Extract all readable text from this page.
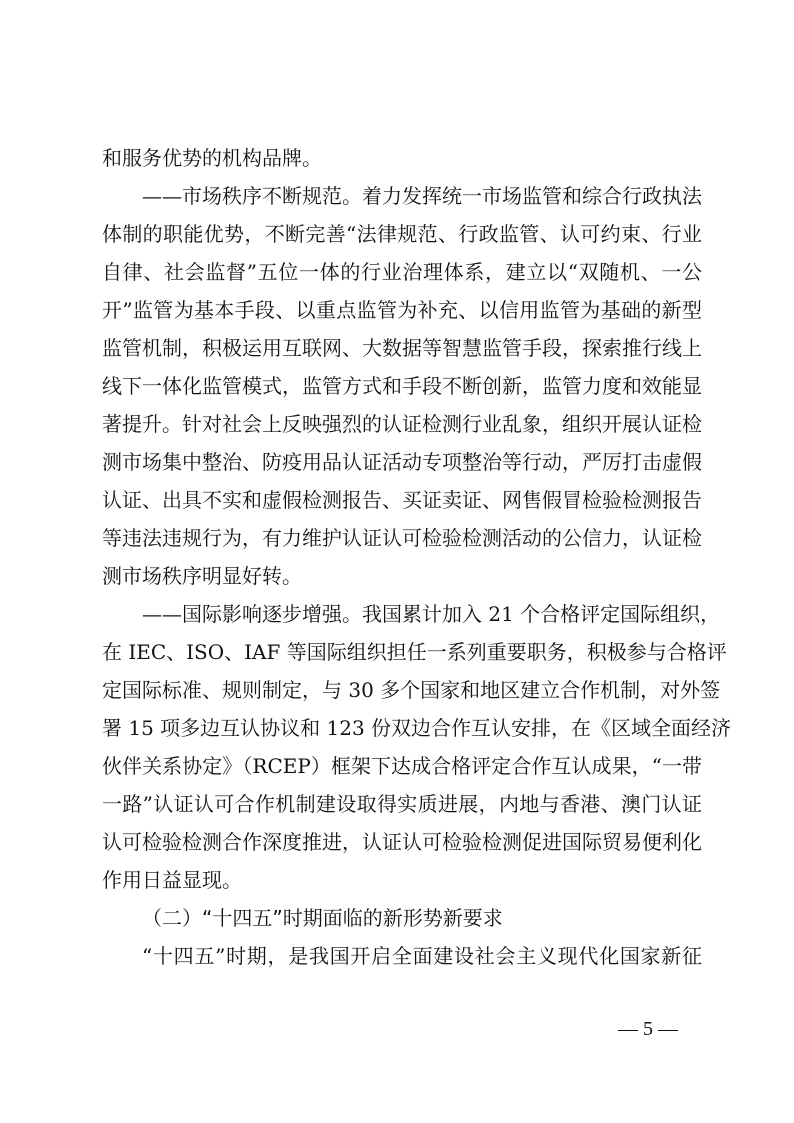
和服务优势的机构品牌。
——市场秩序不断规范。着力发挥统一市场监管和综合行政执法
体制的职能优势，不断完善“法律规范、行政监管、认可约束、行业
自律、社会监督”五位一体的行业治理体系，建立以“双随机、一公
开”监管为基本手段、以重点监管为补充、以信用监管为基础的新型
监管机制，积极运用互联网、大数据等智慧监管手段，探索推行线上
线下一体化监管模式，监管方式和手段不断创新，监管力度和效能显
著提升。针对社会上反映强烈的认证检测行业乱象，组织开展认证检
测市场集中整治、防疫用品认证活动专项整治等行动，严厉打击虚假
认证、出具不实和虚假检测报告、买证卖证、网售假冒检验检测报告
等违法违规行为，有力维护认证认可检验检测活动的公信力，认证检
测市场秩序明显好转。
——国际影响逐步增强。我国累计加入 21 个合格评定国际组织，
在 IEC、ISO、IAF 等国际组织担任一系列重要职务，积极参与合格评
定国际标准、规则制定，与 30 多个国家和地区建立合作机制，对外签
署 15 项多边互认协议和 123 份双边合作互认安排，在《区域全面经济
伙伴关系协定》（RCEP）框架下达成合格评定合作互认成果，“一带
一路”认证认可合作机制建设取得实质进展，内地与香港、澳门认证
认可检验检测合作深度推进，认证认可检验检测促进国际贸易便利化
作用日益显现。
（二）“十四五”时期面临的新形势新要求
“十四五”时期，是我国开启全面建设社会主义现代化国家新征
— 5 —
